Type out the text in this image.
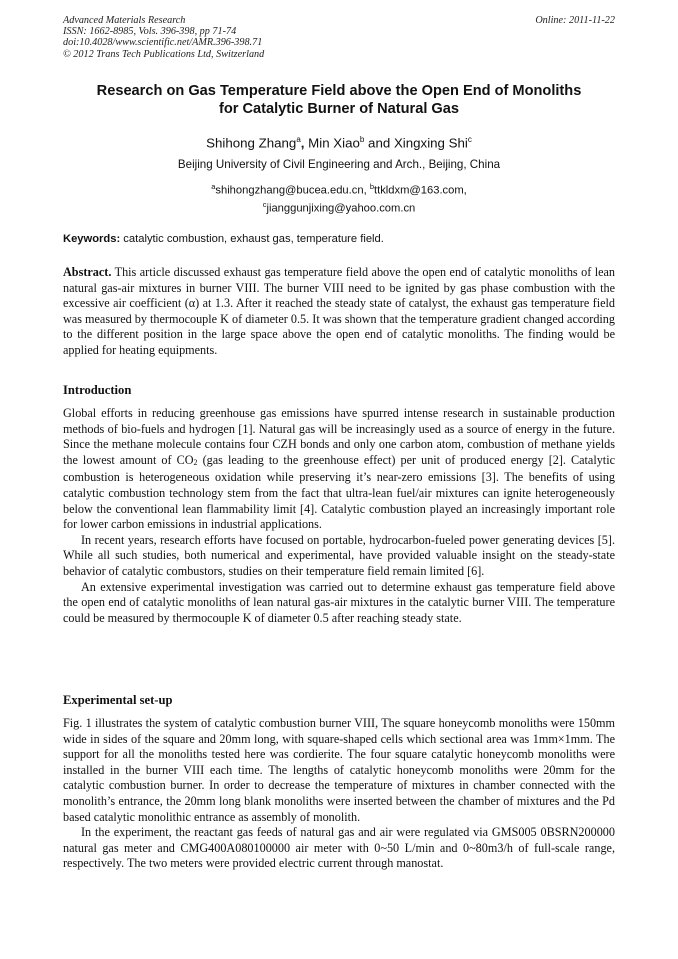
Advanced Materials Research
ISSN: 1662-8985, Vols. 396-398, pp 71-74
doi:10.4028/www.scientific.net/AMR.396-398.71
© 2012 Trans Tech Publications Ltd, Switzerland
Online: 2011-11-22
Research on Gas Temperature Field above the Open End of Monoliths
for Catalytic Burner of Natural Gas
Shihong Zhang$^a$, Min Xiao$^b$ and Xingxing Shi$^c$
Beijing University of Civil Engineering and Arch., Beijing, China
$^a$shihongzhang@bucea.edu.cn, $^b$ttkldxm@163.com,
$^c$jianggunjixing@yahoo.com.cn
Keywords: catalytic combustion, exhaust gas, temperature field.
Abstract. This article discussed exhaust gas temperature field above the open end of catalytic monoliths of lean natural gas-air mixtures in burner VIII. The burner VIII need to be ignited by gas phase combustion with the excessive air coefficient (α) at 1.3. After it reached the steady state of catalyst, the exhaust gas temperature field was measured by thermocouple K of diameter 0.5. It was shown that the temperature gradient changed according to the different position in the large space above the open end of catalytic monoliths. The finding would be applied for heating equipments.
Introduction

Global efforts in reducing greenhouse gas emissions have spurred intense research in sustainable production methods of bio-fuels and hydrogen [1]. Natural gas will be increasingly used as a source of energy in the future. Since the methane molecule contains four CZH bonds and only one carbon atom, combustion of methane yields the lowest amount of $CO_2$ (gas leading to the greenhouse effect) per unit of produced energy [2]. Catalytic combustion is heterogeneous oxidation while preserving it’s near-zero emissions [3]. The benefits of using catalytic combustion technology stem from the fact that ultra-lean fuel/air mixtures can ignite heterogeneously below the conventional lean flammability limit [4]. Catalytic combustion played an increasingly important role for lower carbon emissions in industrial applications.

In recent years, research efforts have focused on portable, hydrocarbon-fueled power generating devices [5]. While all such studies, both numerical and experimental, have provided valuable insight on the steady-state behavior of catalytic combustors, studies on their temperature field remain limited [6].

An extensive experimental investigation was carried out to determine exhaust gas temperature field above the open end of catalytic monoliths of lean natural gas-air mixtures in the catalytic burner VIII. The temperature could be measured by thermocouple K of diameter 0.5 after reaching steady state.

Experimental set-up

Fig. 1 illustrates the system of catalytic combustion burner VIII, The square honeycomb monoliths were 150mm wide in sides of the square and 20mm long, with square-shaped cells which sectional area was 1mm×1mm. The support for all the monoliths tested here was cordierite. The four square catalytic honeycomb monoliths were installed in the burner VIII each time. The lengths of catalytic honeycomb monoliths were 20mm for the catalytic combustion burner. In order to decrease the temperature of mixtures in chamber connected with the monolith’s entrance, the 20mm long blank monoliths were inserted between the chamber of mixtures and the Pd based catalytic monolithic entrance as assembly of monolith.

In the experiment, the reactant gas feeds of natural gas and air were regulated via GMS005 0BSRN200000 natural gas meter and CMG400A080100000 air meter with 0~50 L/min and 0~80m3/h of full-scale range, respectively. The two meters were provided electric current through manostat.
